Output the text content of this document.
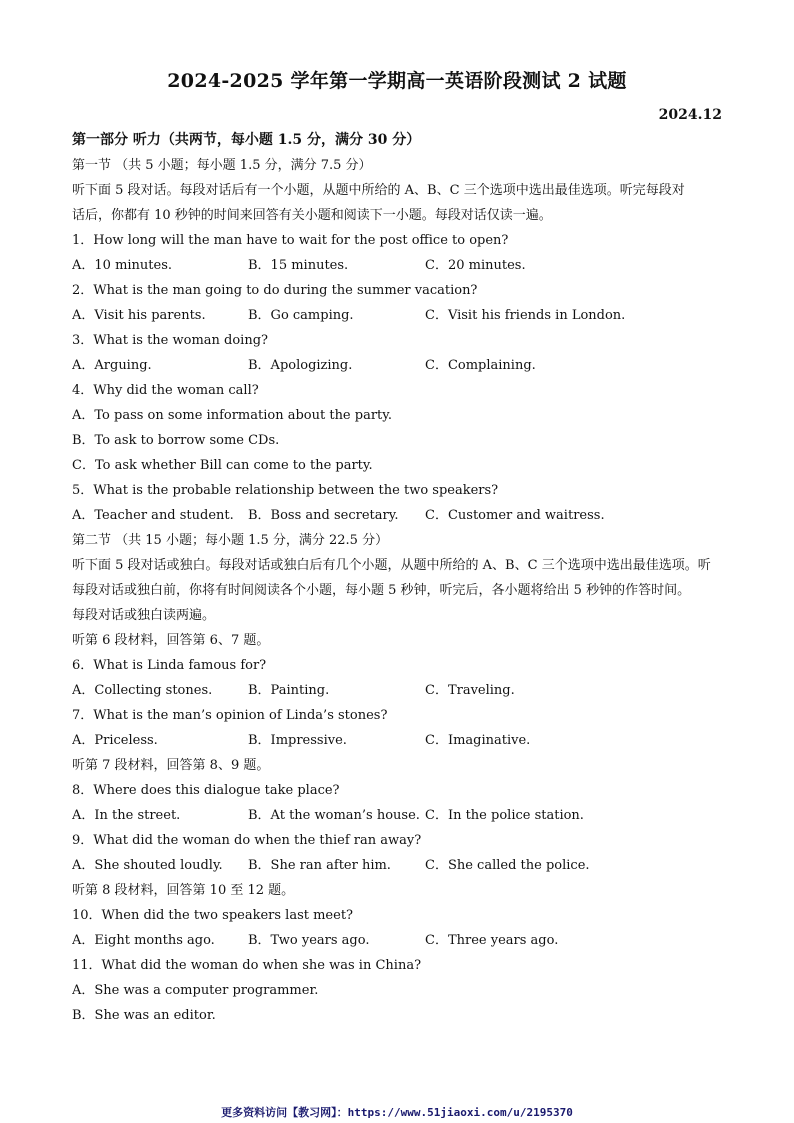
2024-2025 学年第一学期高一英语阶段测试 2 试题
2024.12
第一部分 听力（共两节，每小题 1.5 分，满分 30 分）
第一节 （共 5 小题；每小题 1.5 分，满分 7.5 分）
听下面 5 段对话。每段对话后有一个小题，从题中所给的 A、B、C 三个选项中选出最佳选项。听完每段对
话后，你都有 10 秒钟的时间来回答有关小题和阅读下一小题。每段对话仅读一遍。
1．How long will the man have to wait for the post office to open?
A．10 minutes.	B．15 minutes.	C．20 minutes.
2．What is the man going to do during the summer vacation?
A．Visit his parents.	B．Go camping.	C．Visit his friends in London.
3．What is the woman doing?
A．Arguing.	B．Apologizing.	C．Complaining.
4．Why did the woman call?
A．To pass on some information about the party.
B．To ask to borrow some CDs.
C．To ask whether Bill can come to the party.
5．What is the probable relationship between the two speakers?
A．Teacher and student. B．Boss and secretary. C．Customer and waitress.
第二节 （共 15 小题；每小题 1.5 分，满分 22.5 分）
听下面 5 段对话或独白。每段对话或独白后有几个小题，从题中所给的 A、B、C 三个选项中选出最佳选项。听
每段对话或独白前，你将有时间阅读各个小题，每小题 5 秒钟，听完后，各小题将给出 5 秒钟的作答时间。
每段对话或独白读两遍。
听第 6 段材料，回答第 6、7 题。
6．What is Linda famous for?
A．Collecting stones.	B．Painting.	C．Traveling.
7．What is the man’s opinion of Linda’s stones?
A．Priceless.	B．Impressive.	C．Imaginative.
听第 7 段材料，回答第 8、9 题。
8．Where does this dialogue take place?
A．In the street.	B．At the woman’s house. C．In the police station.
9．What did the woman do when the thief ran away?
A．She shouted loudly. B．She ran after him.	C．She called the police.
听第 8 段材料，回答第 10 至 12 题。
10．When did the two speakers last meet?
A．Eight months ago.	B．Two years ago.	C．Three years ago.
11．What did the woman do when she was in China?
A．She was a computer programmer.
B．She was an editor.
更多资料访问【教习网】：https://www.51jiaoxi.com/u/2195370
